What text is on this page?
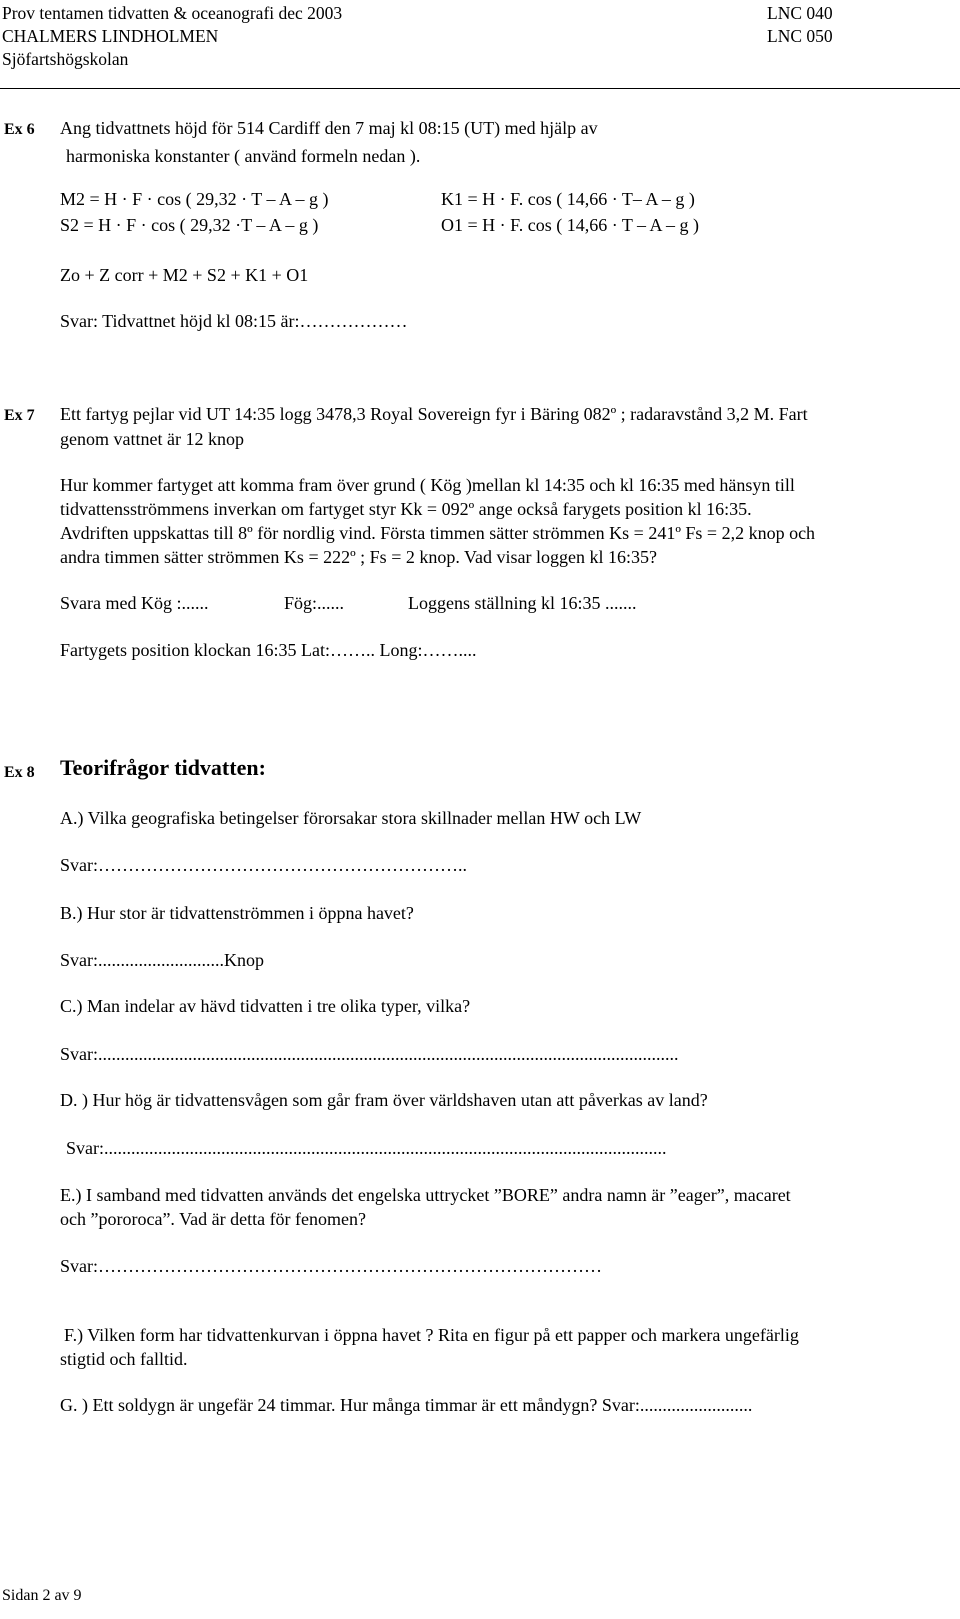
Prov tentamen tidvatten & oceanografi dec 2003
CHALMERS LINDHOLMEN
Sjöfartshögskolan
LNC 040
LNC 050
Ex 6 Ang tidvattnets höjd för 514 Cardiff den 7 maj kl 08:15 (UT) med hjälp av
harmoniska konstanter ( använd formeln nedan ).
M2 = H · F · cos ( 29,32 · T – A – g )
S2 = H · F · cos ( 29,32 ·T – A – g )
K1 = H · F. cos ( 14,66 · T– A – g )
O1 = H · F. cos ( 14,66 · T – A – g )
Zo + Z corr + M2 + S2 + K1 + O1
Svar: Tidvattnet höjd kl 08:15 är:………………
Ex 7 Ett fartyg pejlar vid UT 14:35 logg 3478,3 Royal Sovereign fyr i Bäring 082º ; radaravstånd 3,2 M. Fart
genom vattnet är 12 knop
Hur kommer fartyget att komma fram över grund ( Kög )mellan kl 14:35 och kl 16:35 med hänsyn till
tidvattensströmmens inverkan om fartyget styr Kk = 092º ange också farygets position kl 16:35.
Avdriften uppskattas till 8º för nordlig vind. Första timmen sätter strömmen Ks = 241º Fs = 2,2 knop och
andra timmen sätter strömmen Ks = 222º ; Fs = 2 knop. Vad visar loggen kl 16:35?
Svara med Kög :......	Fög:......	Loggens ställning kl 16:35 .......
Fartygets position klockan 16:35 Lat:…….. Long:……....
Ex 8 Teorifrågor tidvatten:
A.) Vilka geografiska betingelser förorsakar stora skillnader mellan HW och LW
Svar:……………………………………………………..
B.) Hur stor är tidvattenströmmen i öppna havet?
Svar:............................Knop
C.) Man indelar av hävd tidvatten i tre olika typer, vilka?
Svar:.................................................................................................................................
D. ) Hur hög är tidvattensvågen som går fram över världshaven utan att påverkas av land?
Svar:.............................................................................................................................
E.) I samband med tidvatten används det engelska uttrycket ”BORE” andra namn är ”eager”, macaret
och ”pororoca”. Vad är detta för fenomen?
Svar:…………………………………………………………………………
F.) Vilken form har tidvattenkurvan i öppna havet ? Rita en figur på ett papper och markera ungefärlig
stigtid och falltid.
G. ) Ett soldygn är ungefär 24 timmar. Hur många timmar är ett måndygn? Svar:.........................
Sidan 2 av 9
